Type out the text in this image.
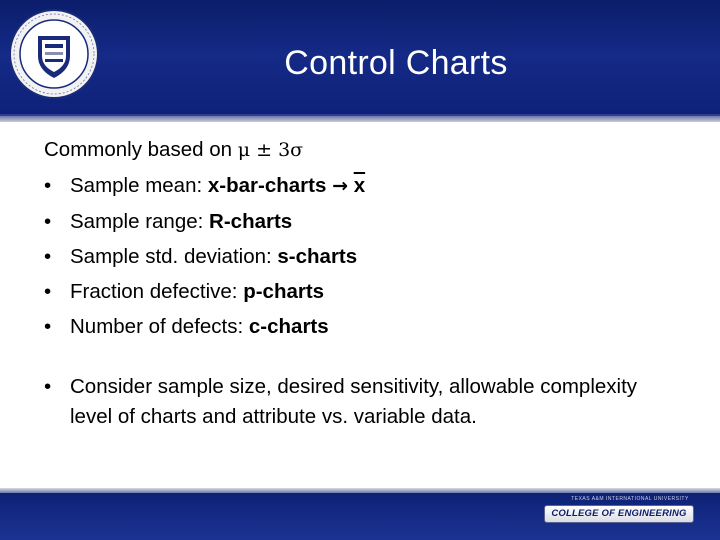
Control Charts
Commonly based on μ ± 3σ
• Sample mean: x-bar-charts → $\overline{x}$
• Sample range: R-charts
• Sample std. deviation: s-charts
• Fraction defective: p-charts
• Number of defects: c-charts
• Consider sample size, desired sensitivity, allowable complexity level of charts and attribute vs. variable data.
TEXAS A&M INTERNATIONAL UNIVERSITY
COLLEGE OF ENGINEERING
